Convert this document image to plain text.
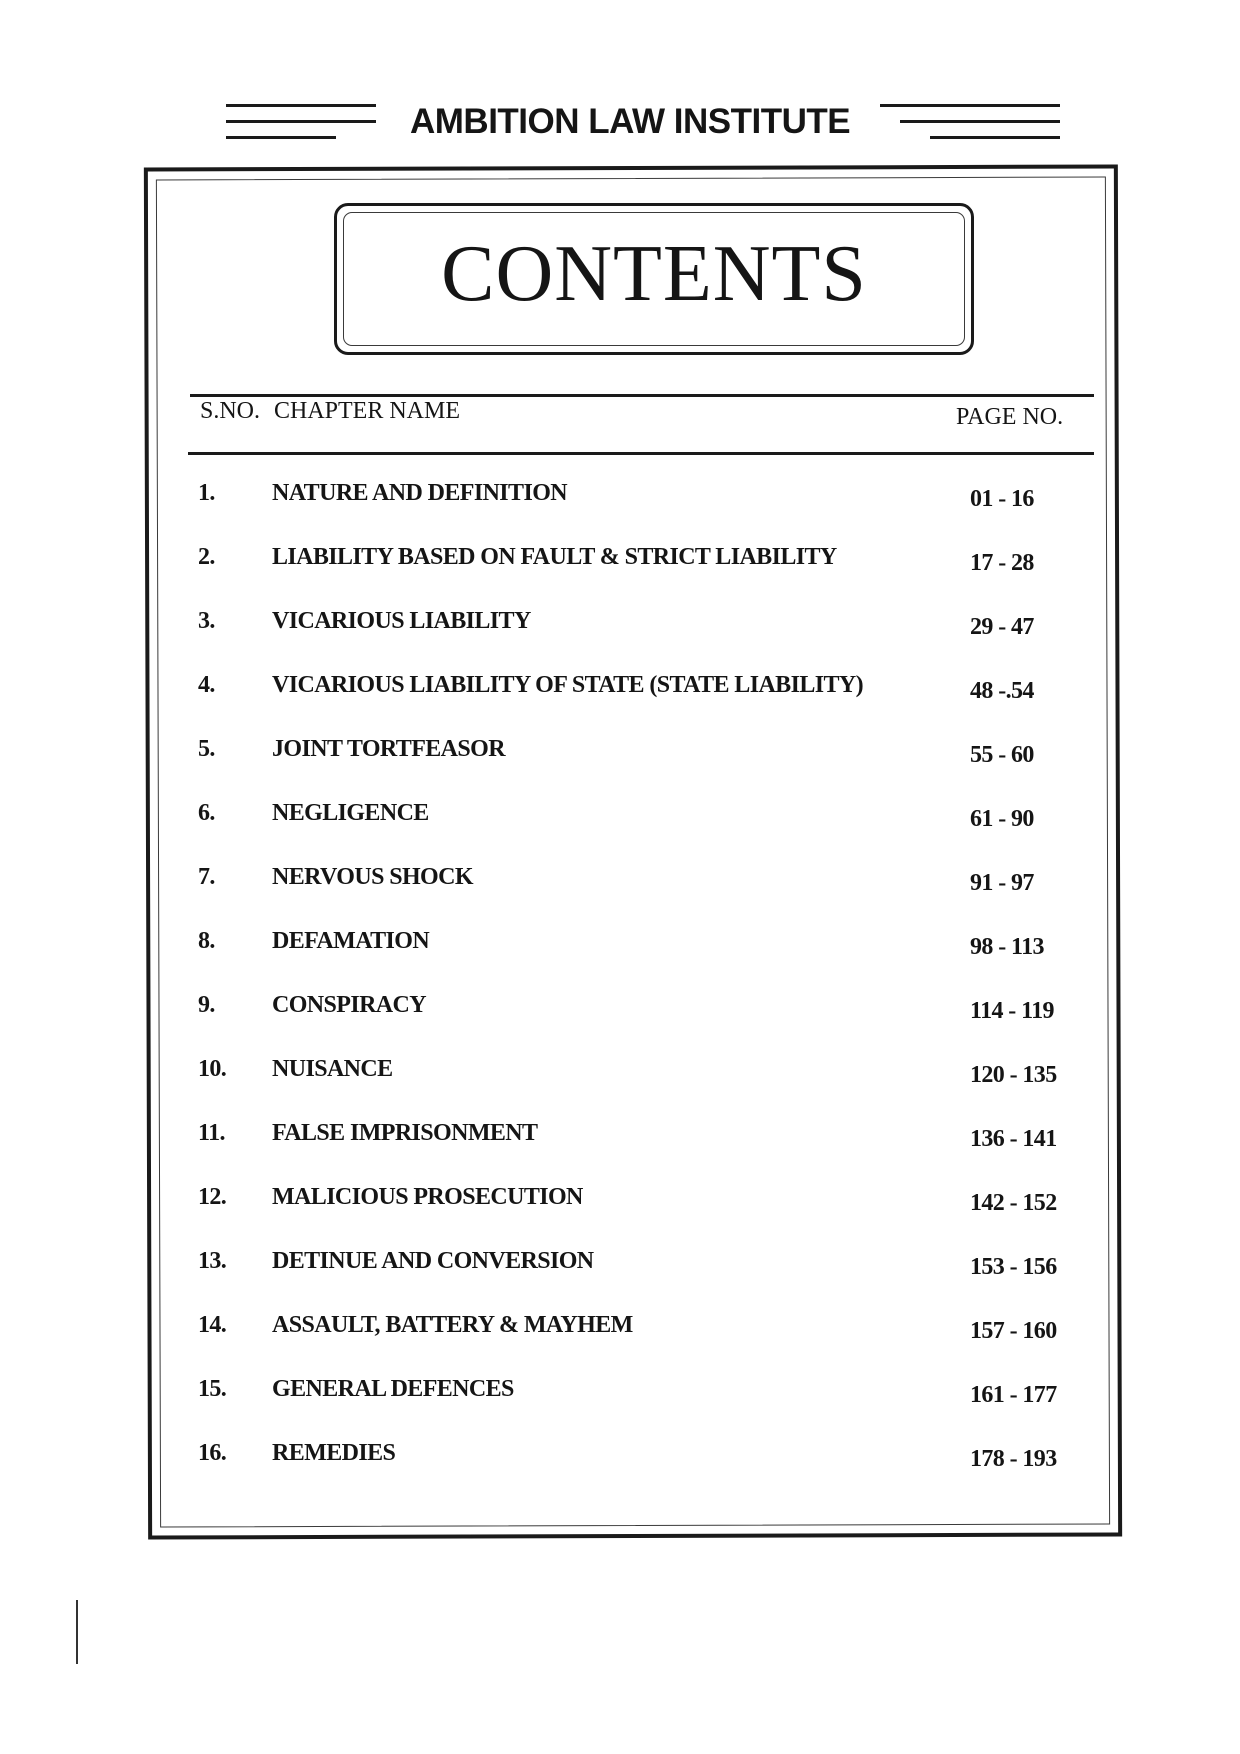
AMBITION LAW INSTITUTE
CONTENTS
S.NO. CHAPTER NAME	PAGE NO.
1. NATURE AND DEFINITION	01 - 16
2. LIABILITY BASED ON FAULT & STRICT LIABILITY	17 - 28
3. VICARIOUS LIABILITY	29 - 47
4. VICARIOUS LIABILITY OF STATE (STATE LIABILITY)	48 -.54
5. JOINT TORTFEASOR	55 - 60
6. NEGLIGENCE	61 - 90
7. NERVOUS SHOCK	91 - 97
8. DEFAMATION	98 - 113
9. CONSPIRACY	114 - 119
10. NUISANCE	120 - 135
11. FALSE IMPRISONMENT	136 - 141
12. MALICIOUS PROSECUTION	142 - 152
13. DETINUE AND CONVERSION	153 - 156
14. ASSAULT, BATTERY & MAYHEM	157 - 160
15. GENERAL DEFENCES	161 - 177
16. REMEDIES	178 - 193
